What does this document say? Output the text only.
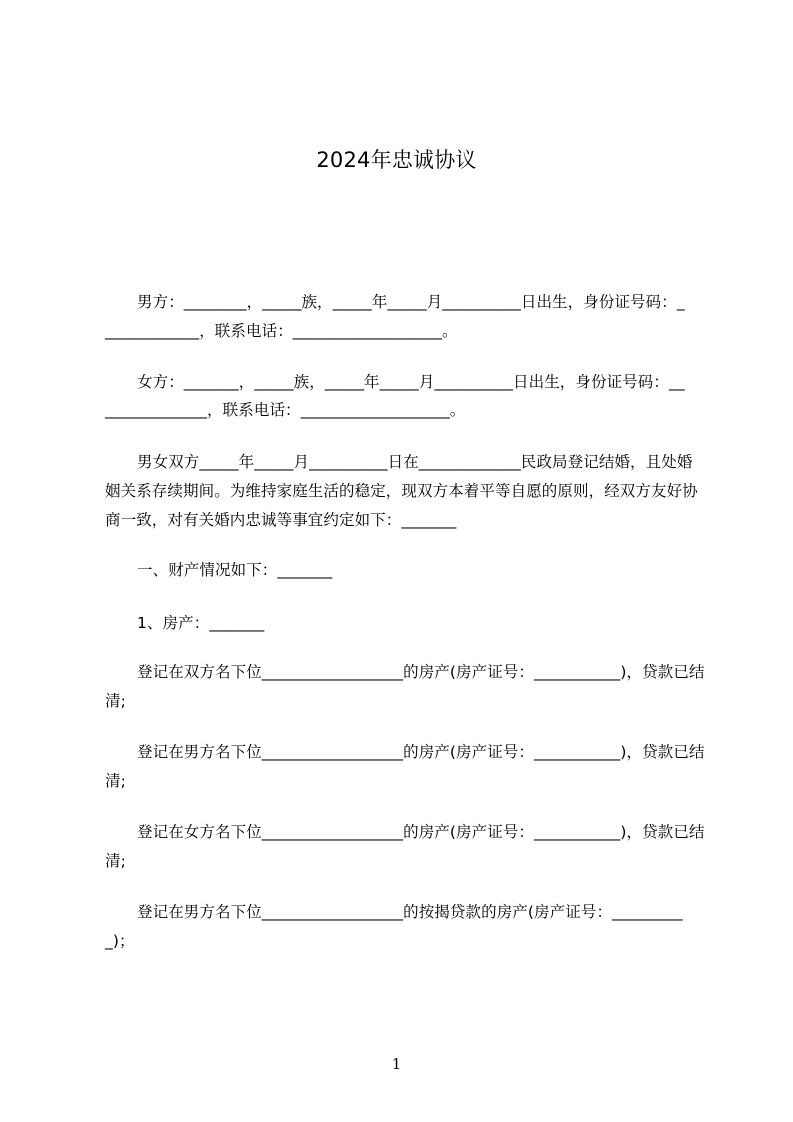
2024年忠诚协议
男方：________，_____族，_____年_____月__________日出生，身份证号码：_
____________，联系电话：___________________。
女方：_______，_____族，_____年_____月__________日出生，身份证号码：__
_____________，联系电话：___________________。

男女双方_____年_____月__________日在_____________民政局登记结婚，且处婚姻关系存续期间。为维持家庭生活的稳定，现双方本着平等自愿的原则，经双方友好协商一致，对有关婚内忠诚等事宜约定如下：_______

一、财产情况如下：_______
1、房产：_______

登记在双方名下位__________________的房产(房产证号：___________)，贷款已结清;

登记在男方名下位__________________的房产(房产证号：___________)，贷款已结清;

登记在女方名下位__________________的房产(房产证号：___________)，贷款已结清;

登记在男方名下位__________________的按揭贷款的房产(房产证号：__________)；

1
